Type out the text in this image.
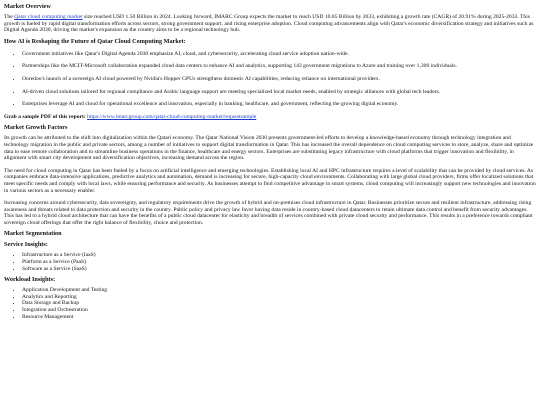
Market Overview

The Qatar cloud computing market size reached USD 1.50 Billion in 2024. Looking forward, IMARC Group expects the market to reach USD 10.05 Billion by 2033, exhibiting a growth rate (CAGR) of 20.91% during 2025-2033. This growth is fueled by rapid digital transformation efforts across sectors, strong government support, and rising enterprise adoption. Cloud computing advancements align with Qatar's economic diversification strategy and initiatives such as Digital Agenda 2030, driving the market's expansion as the country aims to be a regional technology hub.

How AI is Reshaping the Future of Qatar Cloud Computing Market:
• Government initiatives like Qatar's Digital Agenda 2030 emphasize AI, cloud, and cybersecurity, accelerating cloud service adoption nation-wide.
• Partnerships like the MCIT-Microsoft collaboration expanded cloud data centers to enhance AI and analytics, supporting 143 government migrations to Azure and training over 1,300 individuals.
• Ooredoo's launch of a sovereign AI cloud powered by Nvidia's Hopper GPUs strengthens domestic AI capabilities, reducing reliance on international providers.
• AI-driven cloud solutions tailored for regional compliance and Arabic language support are meeting specialized local market needs, enabled by strategic alliances with global tech leaders.
• Enterprises leverage AI and cloud for operational excellence and innovation, especially in banking, healthcare, and government, reflecting the growing digital economy.

Grab a sample PDF of this report: https://www.imarcgroup.com/qatar-cloud-computing-market/requestsample

Market Growth Factors

Its growth can be attributed to the shift into digitalization within the Qatari economy. The Qatar National Vision 2030 presents government-led efforts to develop a knowledge-based economy through technology integration and technology migration in the public and private sectors, among a number of initiatives to support digital transformation in Qatar. This has increased the overall dependence on cloud computing services to store, analyze, share and optimize data to ease remote collaboration and to streamline business operations in the finance, healthcare and energy sectors. Enterprises are substituting legacy infrastructure with cloud platforms that trigger innovation and flexibility, in alignment with smart city development and diversification objectives, increasing demand across the region.

The need for cloud computing in Qatar has been fueled by a focus on artificial intelligence and emerging technologies. Establishing local AI and HPC infrastructure requires a level of scalability that can be provided by cloud services. As companies embrace data-intensive applications, predictive analytics and automation, demand is increasing for secure, high-capacity cloud environments. Collaborating with large global cloud providers, firms offer localized solutions that meet specific needs and comply with local laws, while ensuring performance and security. As businesses attempt to find competitive advantage in smart systems, cloud computing will increasingly support new technologies and innovation in various sectors as a necessary enabler.

Increasing concerns around cybersecurity, data sovereignty, and regulatory requirements drive the growth of hybrid and on-premises cloud infrastructure in Qatar. Businesses prioritize secure and resilient infrastructure, addressing rising awareness and threats related to data protection and security in the country. Public policy and privacy law favor having data reside in country-based cloud datacenters to retain ultimate data control and benefit from security advantages. This has led to a hybrid cloud architecture that can have the benefits of a public cloud datacenter for elasticity and breadth of services combined with private cloud security and performance. This results in a preference towards compliant sovereign cloud offerings that offer the right balance of flexibility, choice and protection.

Market Segmentation
Service Insights:
• Infrastructure as a Service (IaaS)
• Platform as a Service (PaaS)
• Software as a Service (SaaS)
Workload Insights:
• Application Development and Testing
• Analytics and Reporting
• Data Storage and Backup
• Integration and Orchestration
• Resource Management
